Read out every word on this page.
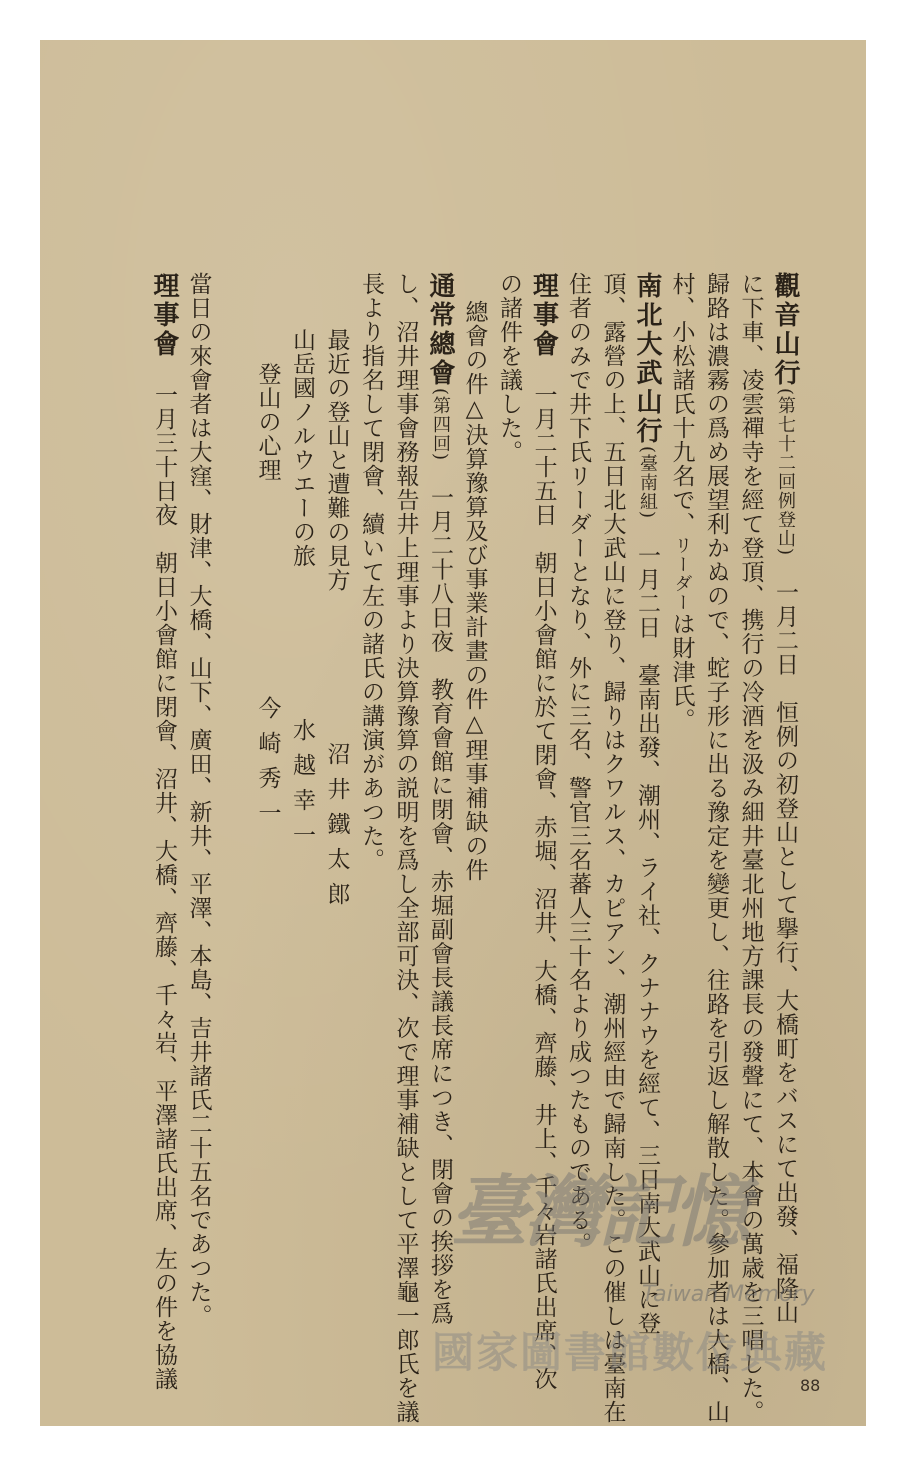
觀音山行(第七十二回例登山)　一月二日　恒例の初登山として擧行、大橋町をバスにて出發、福隆山
に下車、凌雲禪寺を經て登頂、携行の冷酒を汲み細井臺北州地方課長の發聲にて、本會の萬歳を三唱した。
歸路は濃霧の爲め展望利かぬので、蛇子形に出る豫定を變更し、往路を引返し解散した。參加者は大橋、山
村、小松諸氏十九名で、リーダーは財津氏。
南北大武山行(臺南組)　一月二日　臺南出發、潮州、ライ社、クナナウを經て、三日南大武山に登
頂、露營の上、五日北大武山に登り、歸りはクワルス、カピアン、潮州經由で歸南した。この催しは臺南在
住者のみで井下氏リーダーとなり、外に三名、警官三名蕃人三十名より成つたものである。
理事會　一月二十五日　朝日小會館に於て閉會、赤堀、沼井、大橋、齊藤、井上、千々岩諸氏出席、次
の諸件を議した。
總會の件△決算豫算及び事業計畫の件△理事補缺の件
通常總會(第四回)　一月二十八日夜　教育會館に閉會、赤堀副會長議長席につき、閉會の挨拶を爲
し、沼井理事會務報告井上理事より決算豫算の説明を爲し全部可決、次で理事補缺として平澤龜一郎氏を議
長より指名して閉會、續いて左の諸氏の講演があつた。
最近の登山と遭難の見方沼井鐵太郎
山岳國ノルウエーの旅水越幸一
登山の心理今崎秀一
當日の來會者は大窪、財津、大橋、山下、廣田、新井、平澤、本島、吉井諸氏二十五名であつた。
理事會　一月三十日夜　朝日小會館に閉會、沼井、大橋、齊藤、千々岩、平澤諸氏出席、左の件を協議	臺灣記憶
Taiwan Memory
國家圖書館數位典藏
88
